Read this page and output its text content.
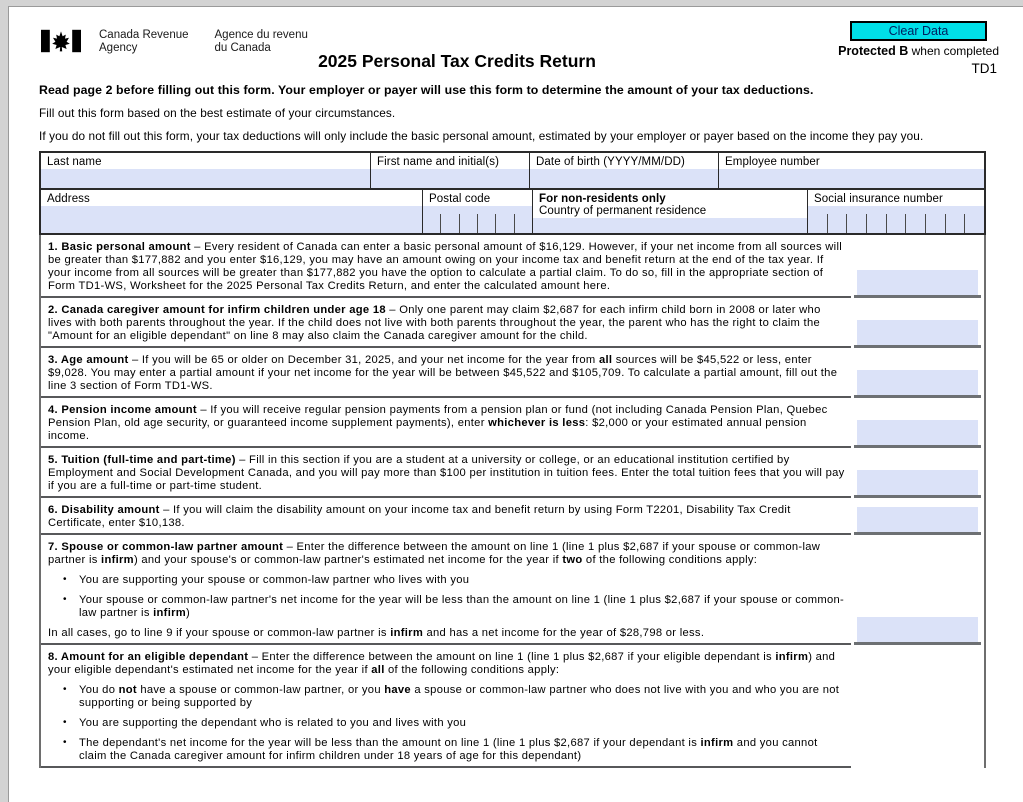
Canada Revenue
Agency
Agence du revenu
du Canada
2025 Personal Tax Credits Return
Clear Data
Protected B when completed
TD1
Read page 2 before filling out this form. Your employer or payer will use this form to determine the amount of your tax deductions.
Fill out this form based on the best estimate of your circumstances.
If you do not fill out this form, your tax deductions will only include the basic personal amount, estimated by your employer or payer based on the income they pay you.
Last name	First name and initial(s)	Date of birth (YYYY/MM/DD)	Employee number
Address	Postal code	For non-residents only
Country of permanent residence
Social insurance number
1. Basic personal amount – Every resident of Canada can enter a basic personal amount of $16,129. However, if your net income from all sources will be greater than $177,882 and you enter $16,129, you may have an amount owing on your income tax and benefit return at the end of the tax year. If your income from all sources will be greater than $177,882 you have the option to calculate a partial claim. To do so, fill in the appropriate section of Form TD1-WS, Worksheet for the 2025 Personal Tax Credits Return, and enter the calculated amount here.
2. Canada caregiver amount for infirm children under age 18 – Only one parent may claim $2,687 for each infirm child born in 2008 or later who lives with both parents throughout the year. If the child does not live with both parents throughout the year, the parent who has the right to claim the "Amount for an eligible dependant" on line 8 may also claim the Canada caregiver amount for the child.
3. Age amount – If you will be 65 or older on December 31, 2025, and your net income for the year from all sources will be $45,522 or less, enter $9,028. You may enter a partial amount if your net income for the year will be between $45,522 and $105,709. To calculate a partial amount, fill out the line 3 section of Form TD1-WS.
4. Pension income amount – If you will receive regular pension payments from a pension plan or fund (not including Canada Pension Plan, Quebec Pension Plan, old age security, or guaranteed income supplement payments), enter whichever is less: $2,000 or your estimated annual pension income.
5. Tuition (full-time and part-time) – Fill in this section if you are a student at a university or college, or an educational institution certified by Employment and Social Development Canada, and you will pay more than $100 per institution in tuition fees. Enter the total tuition fees that you will pay if you are a full-time or part-time student.
6. Disability amount – If you will claim the disability amount on your income tax and benefit return by using Form T2201, Disability Tax Credit Certificate, enter $10,138.
7. Spouse or common-law partner amount – Enter the difference between the amount on line 1 (line 1 plus $2,687 if your spouse or common-law partner is infirm) and your spouse's or common-law partner's estimated net income for the year if two of the following conditions apply:
• You are supporting your spouse or common-law partner who lives with you
• Your spouse or common-law partner's net income for the year will be less than the amount on line 1 (line 1 plus $2,687 if your spouse or common-law partner is infirm)
In all cases, go to line 9 if your spouse or common-law partner is infirm and has a net income for the year of $28,798 or less.
8. Amount for an eligible dependant – Enter the difference between the amount on line 1 (line 1 plus $2,687 if your eligible dependant is infirm) and your eligible dependant's estimated net income for the year if all of the following conditions apply:
• You do not have a spouse or common-law partner, or you have a spouse or common-law partner who does not live with you and who you are not supporting or being supported by
• You are supporting the dependant who is related to you and lives with you
• The dependant's net income for the year will be less than the amount on line 1 (line 1 plus $2,687 if your dependant is infirm and you cannot claim the Canada caregiver amount for infirm children under 18 years of age for this dependant)
